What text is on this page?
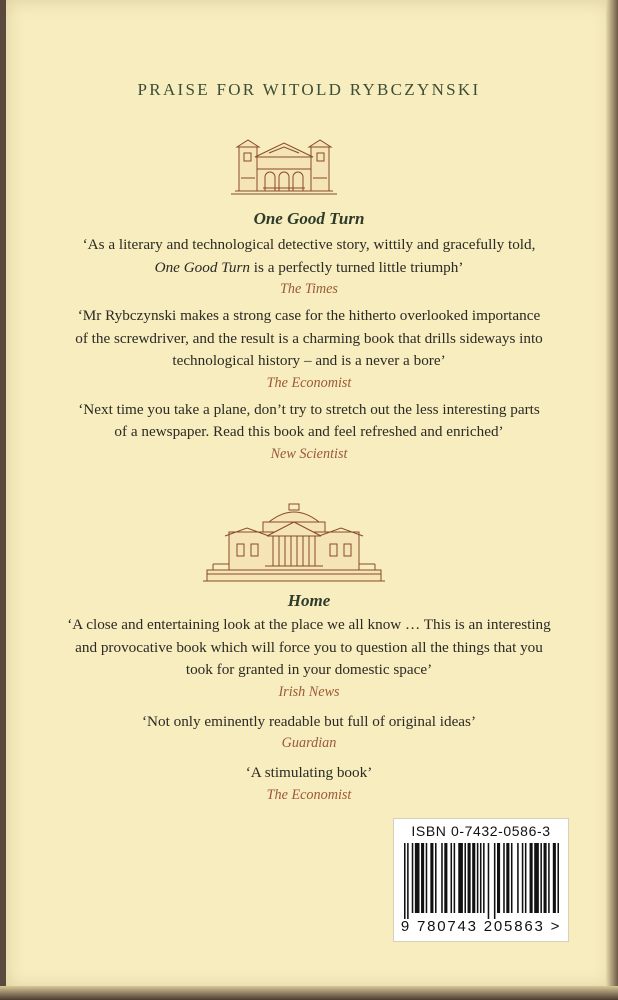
PRAISE FOR WITOLD RYBCZYNSKI
One Good Turn

‘As a literary and technological detective story, wittily and gracefully told,

One Good Turn is a perfectly turned little triumph’

The Times

‘Mr Rybczynski makes a strong case for the hitherto overlooked importance

of the screwdriver, and the result is a charming book that drills sideways into

technological history – and is a never a bore’

The Economist

‘Next time you take a plane, don’t try to stretch out the less interesting parts

of a newspaper. Read this book and feel refreshed and enriched’

New Scientist

Home

‘A close and entertaining look at the place we all know … This is an interesting

and provocative book which will force you to question all the things that you

took for granted in your domestic space’

Irish News

‘Not only eminently readable but full of original ideas’

Guardian

‘A stimulating book’

The Economist

ISBN 0-7432-0586-3
9 780743 205863 >
